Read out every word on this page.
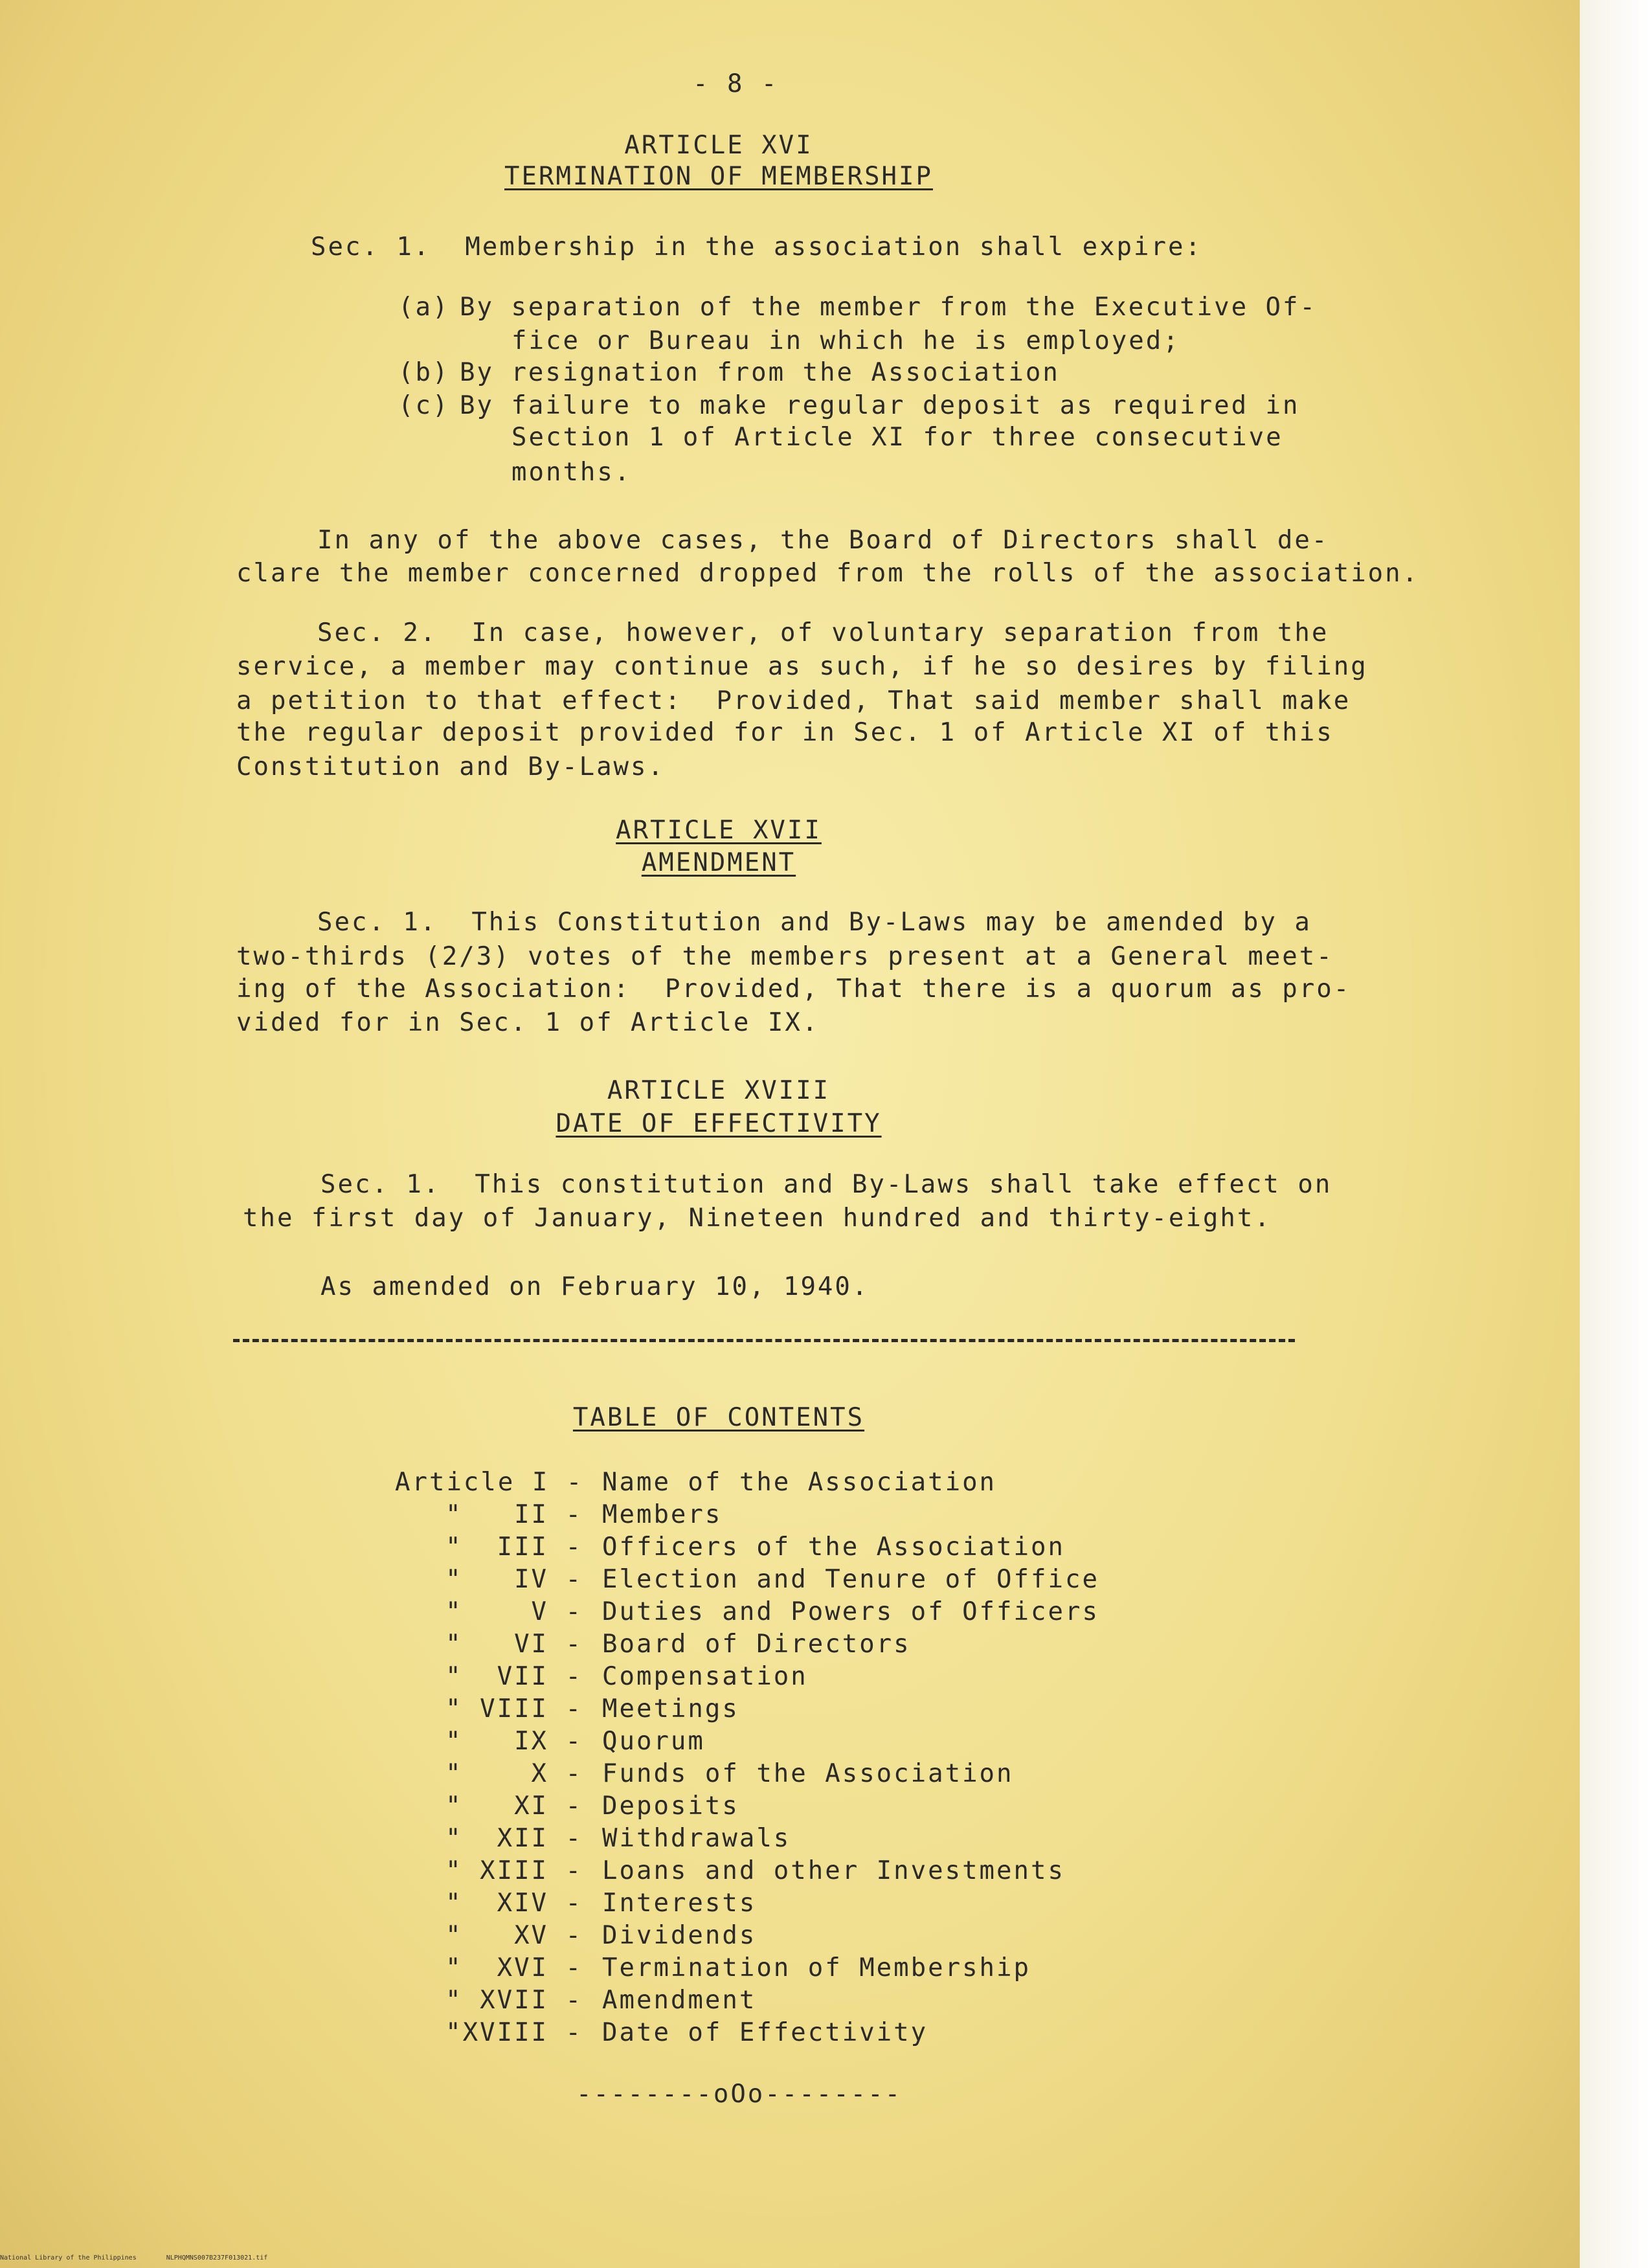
- 8 -
ARTICLE XVI
TERMINATION OF MEMBERSHIP
Sec. 1.  Membership in the association shall expire:
(a) By separation of the member from the Executive Of-
fice or Bureau in which he is employed;
(b) By resignation from the Association
(c) By failure to make regular deposit as required in
Section 1 of Article XI for three consecutive
months.
In any of the above cases, the Board of Directors shall de-
clare the member concerned dropped from the rolls of the association.
Sec. 2.  In case, however, of voluntary separation from the
service, a member may continue as such, if he so desires by filing
a petition to that effect:  Provided, That said member shall make
the regular deposit provided for in Sec. 1 of Article XI of this
Constitution and By-Laws.
ARTICLE XVII
AMENDMENT
Sec. 1.  This Constitution and By-Laws may be amended by a
two-thirds (2/3) votes of the members present at a General meet-
ing of the Association:  Provided, That there is a quorum as pro-
vided for in Sec. 1 of Article IX.
ARTICLE XVIII
DATE OF EFFECTIVITY
Sec. 1.  This constitution and By-Laws shall take effect on
the first day of January, Nineteen hundred and thirty-eight.
As amended on February 10, 1940.
TABLE OF CONTENTS
Article I - Name of the Association
"   II - Members
"  III - Officers of the Association
"   IV - Election and Tenure of Office
"    V - Duties and Powers of Officers
"   VI - Board of Directors
"  VII - Compensation
" VIII - Meetings
"   IX - Quorum
"    X - Funds of the Association
"   XI - Deposits
"  XII - Withdrawals
" XIII - Loans and other Investments
"  XIV - Interests
"   XV - Dividends
"  XVI - Termination of Membership
" XVII - Amendment
"XVIII - Date of Effectivity
--------oOo--------
National Library of the Philippines	NLPHQMNS007B237F013021.tif
